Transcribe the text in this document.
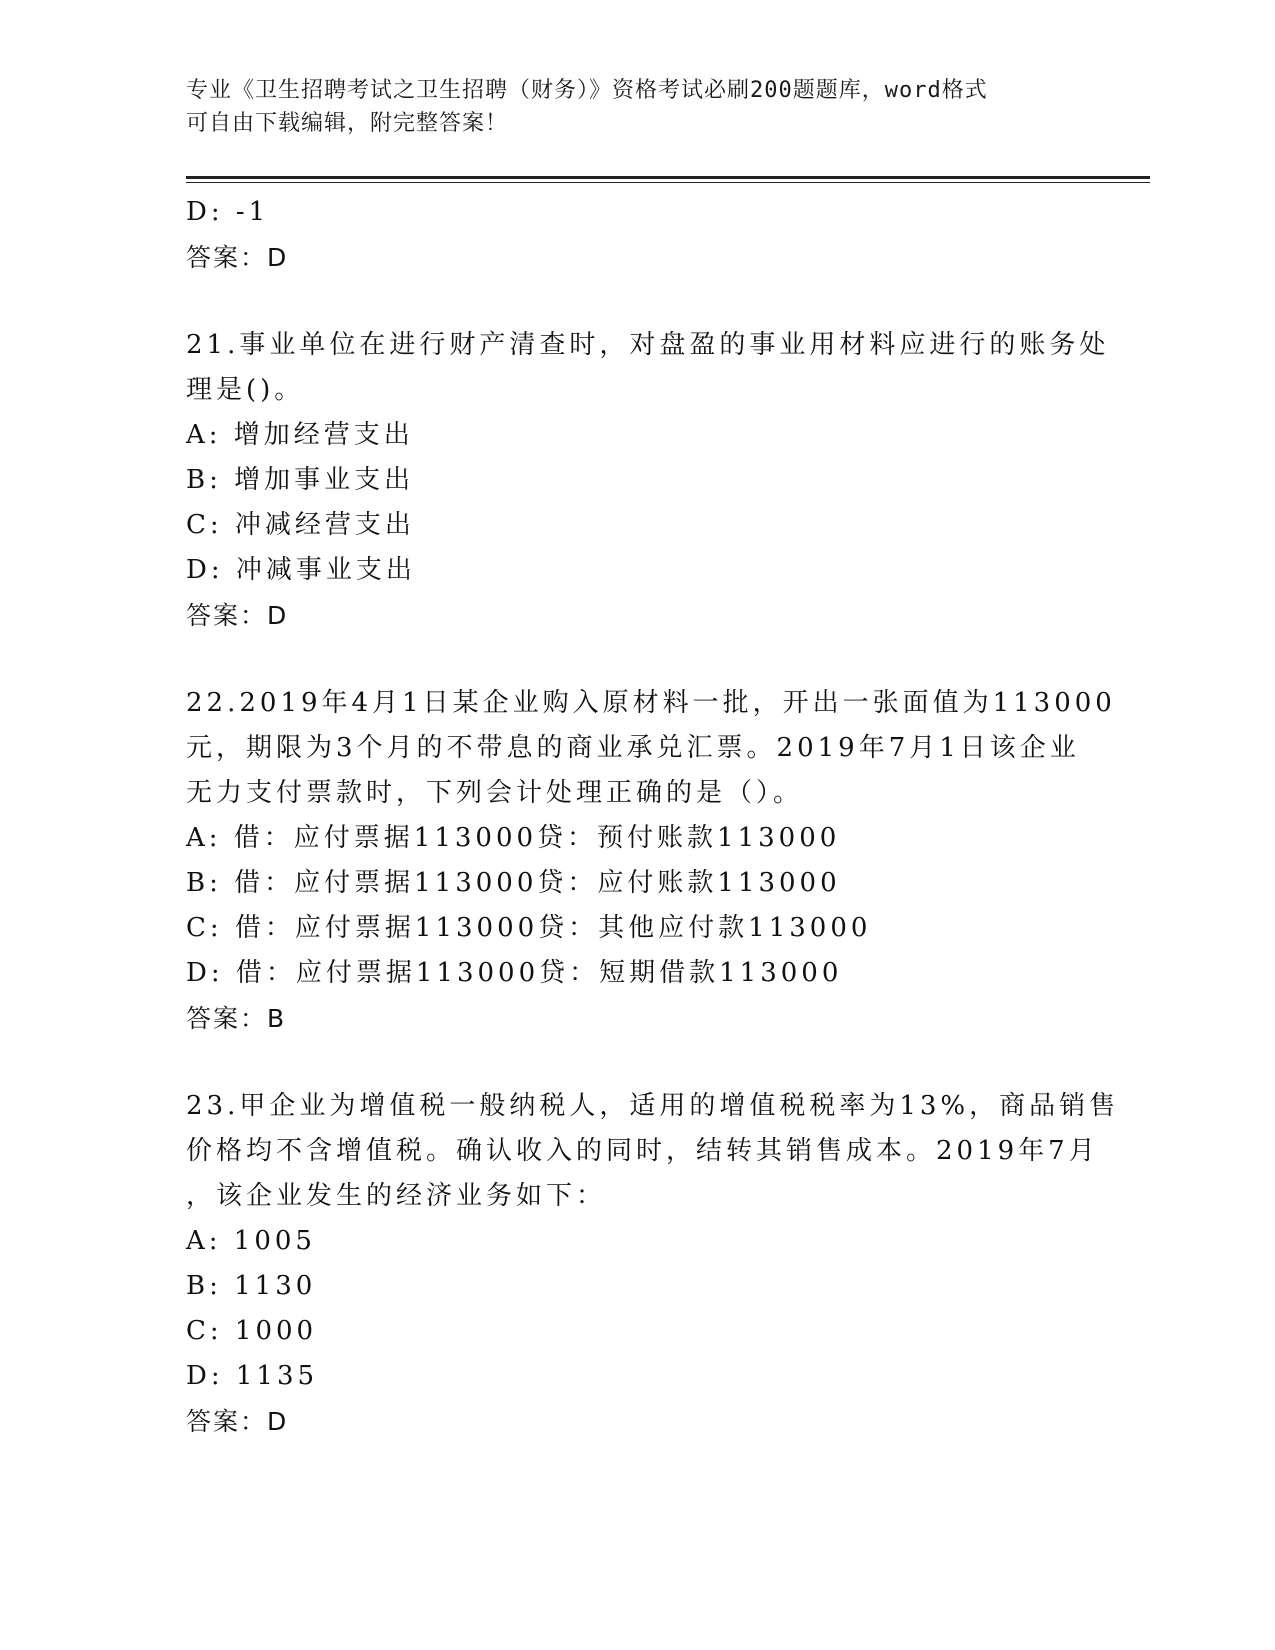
专业《卫生招聘考试之卫生招聘（财务）》资格考试必刷200题题库，word格式
可自由下载编辑，附完整答案！
D: -1
答案：D
21.事业单位在进行财产清查时，对盘盈的事业用材料应进行的账务处
理是()。
A: 增加经营支出
B: 增加事业支出
C: 冲减经营支出
D: 冲减事业支出
答案：D
22.2019年4月1日某企业购入原材料一批，开出一张面值为113000
元，期限为3个月的不带息的商业承兑汇票。2019年7月1日该企业
无力支付票款时，下列会计处理正确的是（）。
A: 借：应付票据113000贷：预付账款113000
B: 借：应付票据113000贷：应付账款113000
C: 借：应付票据113000贷：其他应付款113000
D: 借：应付票据113000贷：短期借款113000
答案：B
23.甲企业为增值税一般纳税人，适用的增值税税率为13%，商品销售
价格均不含增值税。确认收入的同时，结转其销售成本。2019年7月
，该企业发生的经济业务如下：
A: 1005
B: 1130
C: 1000
D: 1135
答案：D
